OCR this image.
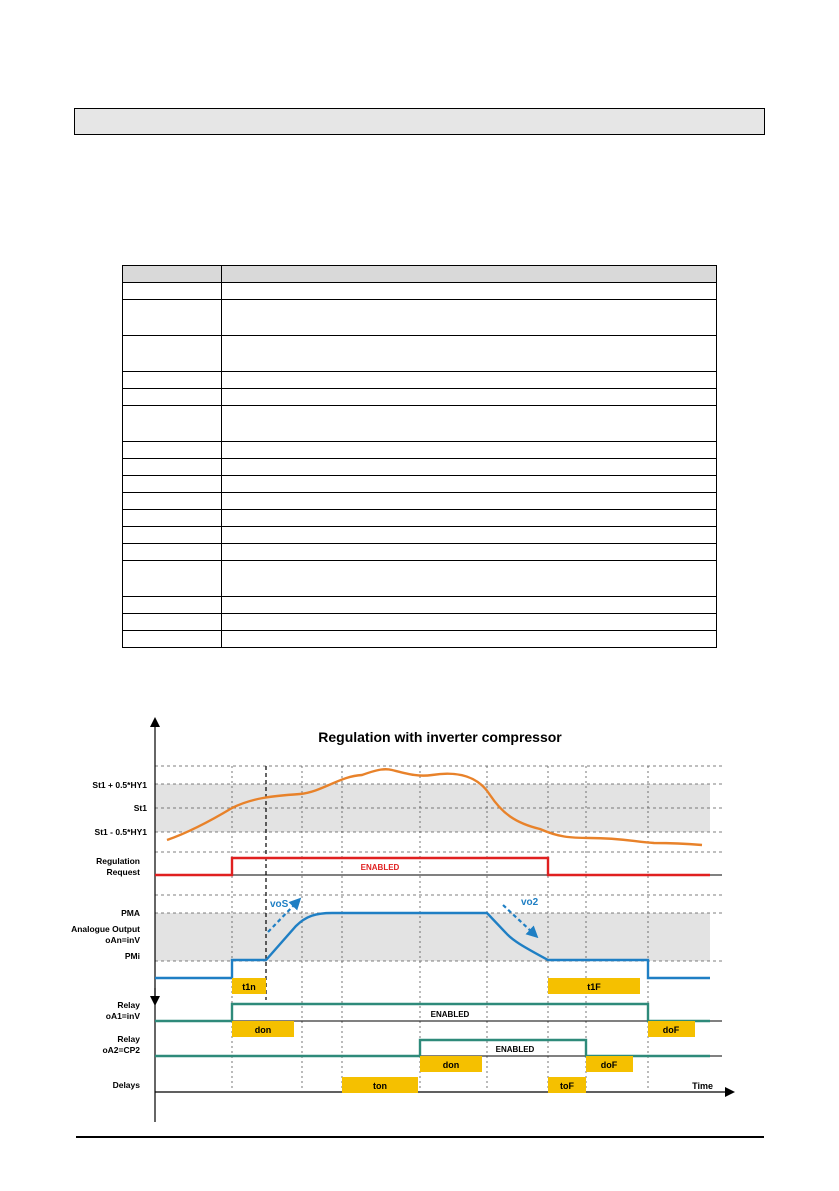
Regulation with inverter compressor
St1 + 0.5*HY1
St1
St1 - 0.5*HY1
Regulation
Request
PMA
Analogue Output
oAn=inV
PMi
Relay
oA1=inV
Relay
oA2=CP2
Delays	Time
ENABLED
voS	vo2
ENABLED
ENABLED
t1n	t1F
don	doF
don	doF
ton	toF
